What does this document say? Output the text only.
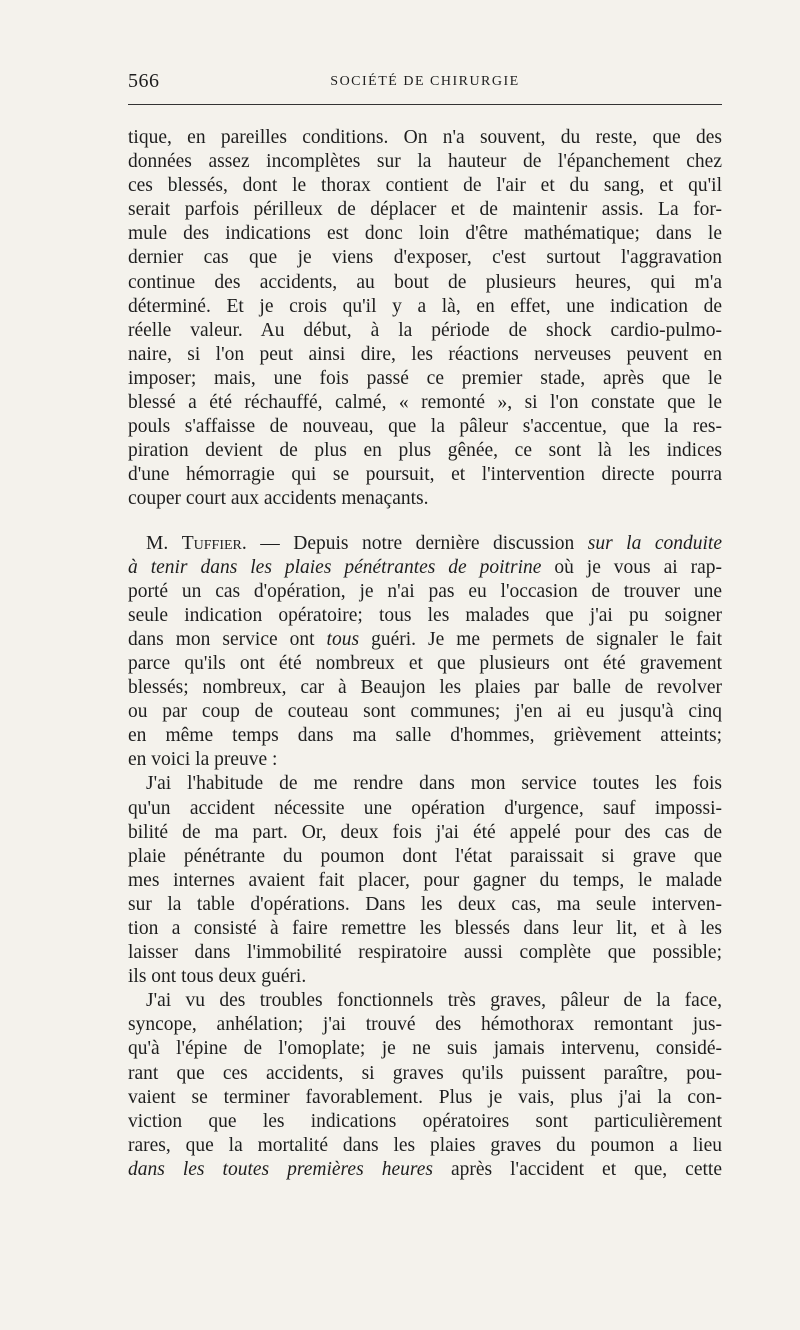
566	SOCIÉTÉ DE CHIRURGIE
tique, en pareilles conditions. On n'a souvent, du reste, que des
données assez incomplètes sur la hauteur de l'épanchement chez
ces blessés, dont le thorax contient de l'air et du sang, et qu'il
serait parfois périlleux de déplacer et de maintenir assis. La for-
mule des indications est donc loin d'être mathématique; dans le
dernier cas que je viens d'exposer, c'est surtout l'aggravation
continue des accidents, au bout de plusieurs heures, qui m'a
déterminé. Et je crois qu'il y a là, en effet, une indication de
réelle valeur. Au début, à la période de shock cardio-pulmo-
naire, si l'on peut ainsi dire, les réactions nerveuses peuvent en
imposer; mais, une fois passé ce premier stade, après que le
blessé a été réchauffé, calmé, « remonté », si l'on constate que le
pouls s'affaisse de nouveau, que la pâleur s'accentue, que la res-
piration devient de plus en plus gênée, ce sont là les indices
d'une hémorragie qui se poursuit, et l'intervention directe pourra
couper court aux accidents menaçants.
M. Tuffier. — Depuis notre dernière discussion sur la conduite
à tenir dans les plaies pénétrantes de poitrine où je vous ai rap-
porté un cas d'opération, je n'ai pas eu l'occasion de trouver une
seule indication opératoire; tous les malades que j'ai pu soigner
dans mon service ont tous guéri. Je me permets de signaler le fait
parce qu'ils ont été nombreux et que plusieurs ont été gravement
blessés; nombreux, car à Beaujon les plaies par balle de revolver
ou par coup de couteau sont communes; j'en ai eu jusqu'à cinq
en même temps dans ma salle d'hommes, grièvement atteints;
en voici la preuve :
J'ai l'habitude de me rendre dans mon service toutes les fois
qu'un accident nécessite une opération d'urgence, sauf impossi-
bilité de ma part. Or, deux fois j'ai été appelé pour des cas de
plaie pénétrante du poumon dont l'état paraissait si grave que
mes internes avaient fait placer, pour gagner du temps, le malade
sur la table d'opérations. Dans les deux cas, ma seule interven-
tion a consisté à faire remettre les blessés dans leur lit, et à les
laisser dans l'immobilité respiratoire aussi complète que possible;
ils ont tous deux guéri.
J'ai vu des troubles fonctionnels très graves, pâleur de la face,
syncope, anhélation; j'ai trouvé des hémothorax remontant jus-
qu'à l'épine de l'omoplate; je ne suis jamais intervenu, considé-
rant que ces accidents, si graves qu'ils puissent paraître, pou-
vaient se terminer favorablement. Plus je vais, plus j'ai la con-
viction que les indications opératoires sont particulièrement
rares, que la mortalité dans les plaies graves du poumon a lieu
dans les toutes premières heures après l'accident et que, cette
